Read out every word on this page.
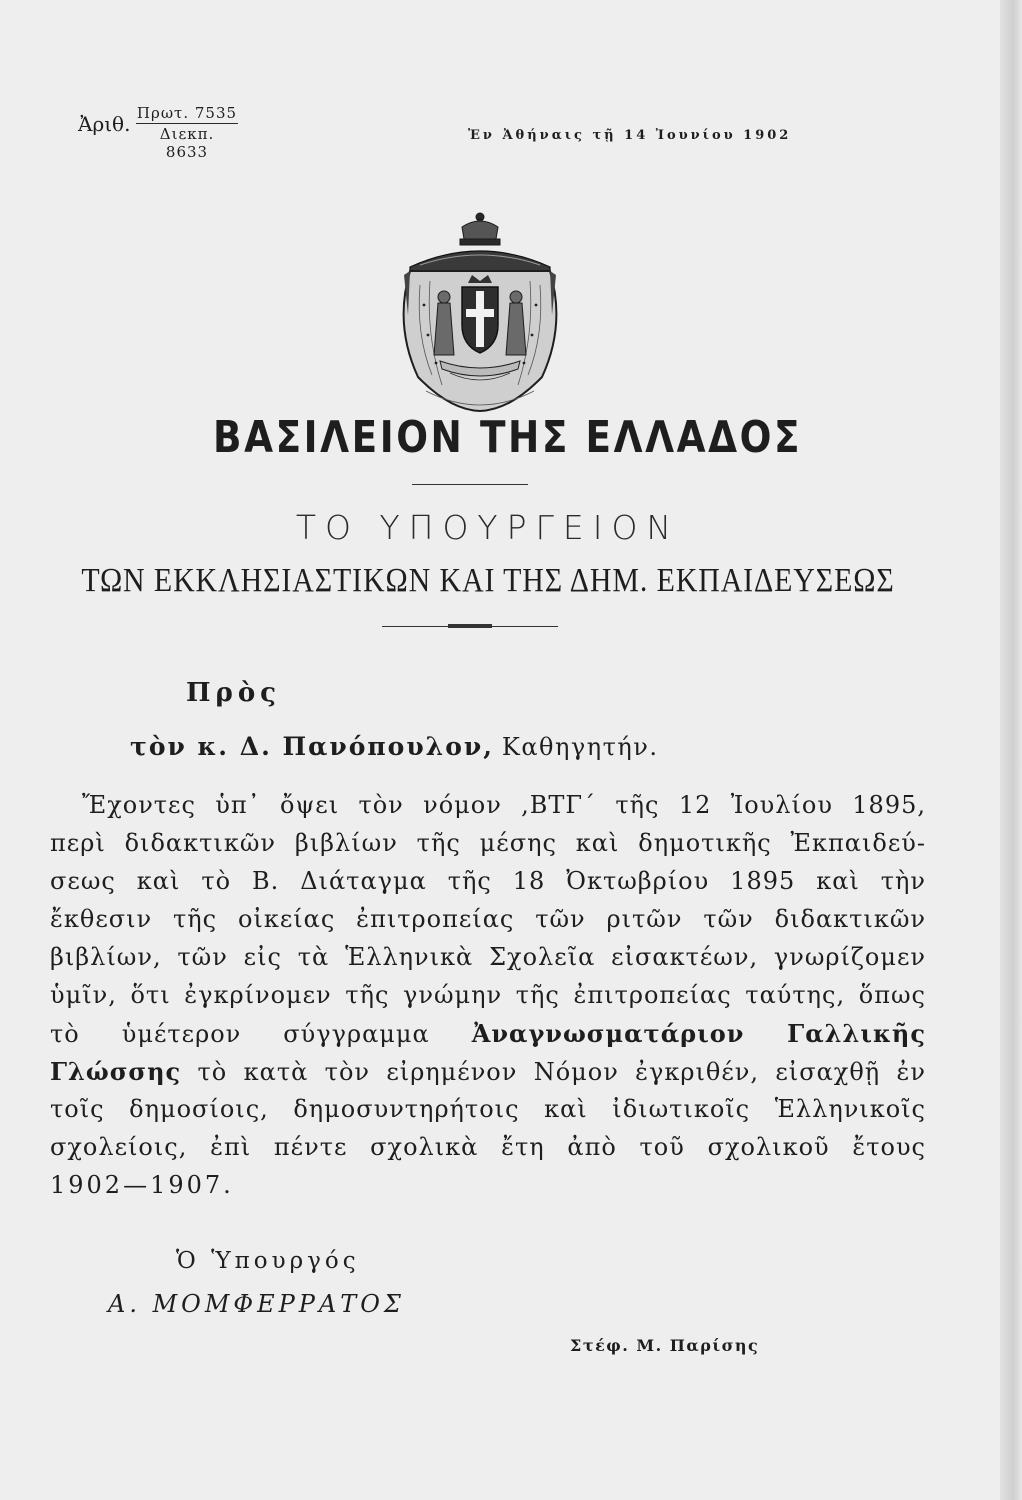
Ἀριθ. Πρωτ. 7535
Διεκπ. 8633
Ἐν Ἀθήναις τῇ 14 Ἰουνίου 1902
ΒΑΣΙΛΕΙΟΝ ΤΗΣ ΕΛΛΑΔΟΣ
ΤΟ ΥΠΟΥΡΓΕΙΟΝ
ΤΩΝ ΕΚΚΛΗΣΙΑΣΤΙΚΩΝ ΚΑΙ ΤΗΣ ΔΗΜ. ΕΚΠΑΙΔΕΥΣΕΩΣ
Πρὸς
τὸν κ. Δ. Πανόπουλον, Καθηγητήν.
Ἔχοντες ὑπ᾽ ὄψει τὸν νόμον ,ΒΤΓ´ τῆς 12 Ἰουλίου 1895,
περὶ διδακτικῶν βιβλίων τῆς μέσης καὶ δημοτικῆς Ἐκπαιδεύ-
σεως καὶ τὸ Β. Διάταγμα τῆς 18 Ὀκτωβρίου 1895 καὶ τὴν
ἔκθεσιν τῆς οἰκείας ἐπιτροπείας τῶν ριτῶν τῶν διδακτικῶν
βιβλίων, τῶν εἰς τὰ Ἑλληνικὰ Σχολεῖα εἰσακτέων, γνωρίζομεν
ὑμῖν, ὅτι ἐγκρίνομεν τῆς γνώμην τῆς ἐπιτροπείας ταύτης, ὅπως
τὸ ὑμέτερον σύγγραμμα Ἀναγνωσματάριον Γαλλικῆς
Γλώσσης τὸ κατὰ τὸν εἰρημένον Νόμον ἐγκριθέν, εἰσαχθῇ ἐν
τοῖς δημοσίοις, δημοσυντηρήτοις καὶ ἰδιωτικοῖς Ἑλληνικοῖς
σχολείοις, ἐπὶ πέντε σχολικὰ ἔτη ἀπὸ τοῦ σχολικοῦ ἔτους
1902—1907.
Ὁ Ὑπουργός
Α. ΜΟΜΦΕΡΡΑΤΟΣ
Στέφ. Μ. Παρίσης
